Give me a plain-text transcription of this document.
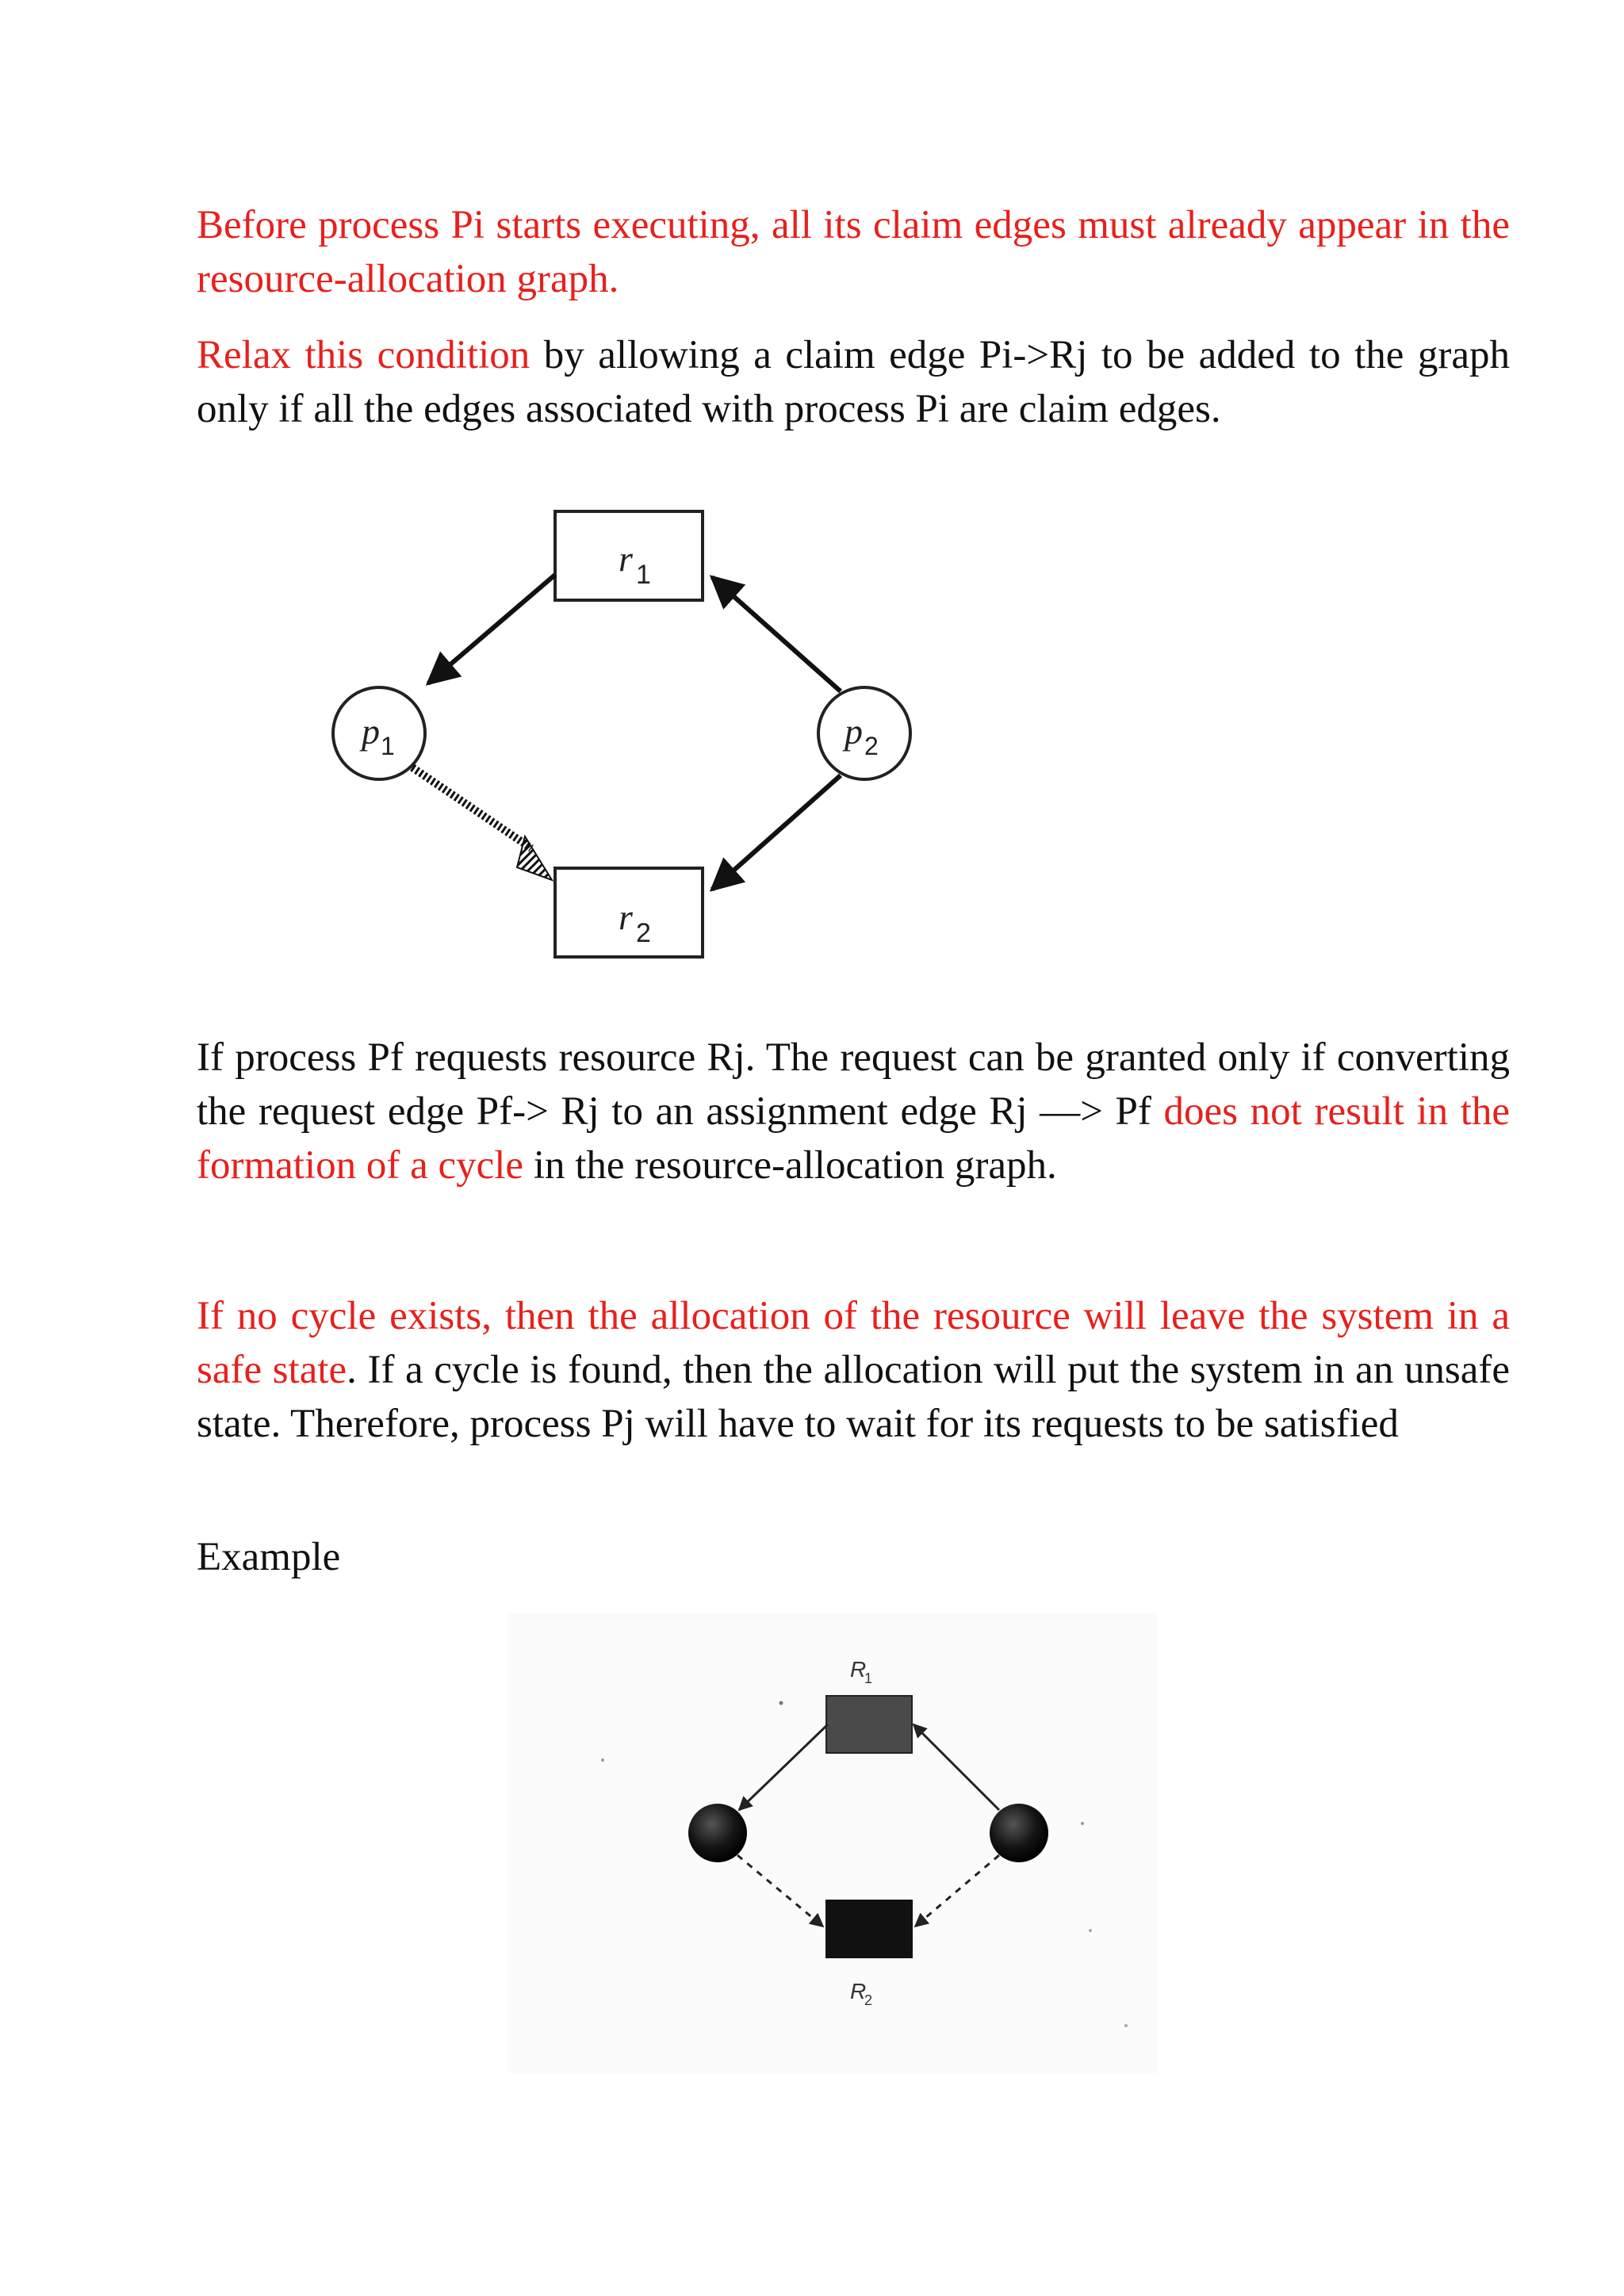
Before process Pi starts executing, all its claim edges must already appear in the resource-allocation graph.

Relax this condition by allowing a claim edge Pi->Rj to be added to the graph only if all the edges associated with process Pi are claim edges.

r 1
r 2
p 1	p 2

If process Pf requests resource Rj. The request can be granted only if converting the request edge Pf-> Rj to an assignment edge Rj —> Pf does not result in the formation of a cycle in the resource-allocation graph.

If no cycle exists, then the allocation of the resource will leave the system in a safe state. If a cycle is found, then the allocation will put the system in an unsafe state. Therefore, process Pj will have to wait for its requests to be satisfied

Example

R
1
R
2
